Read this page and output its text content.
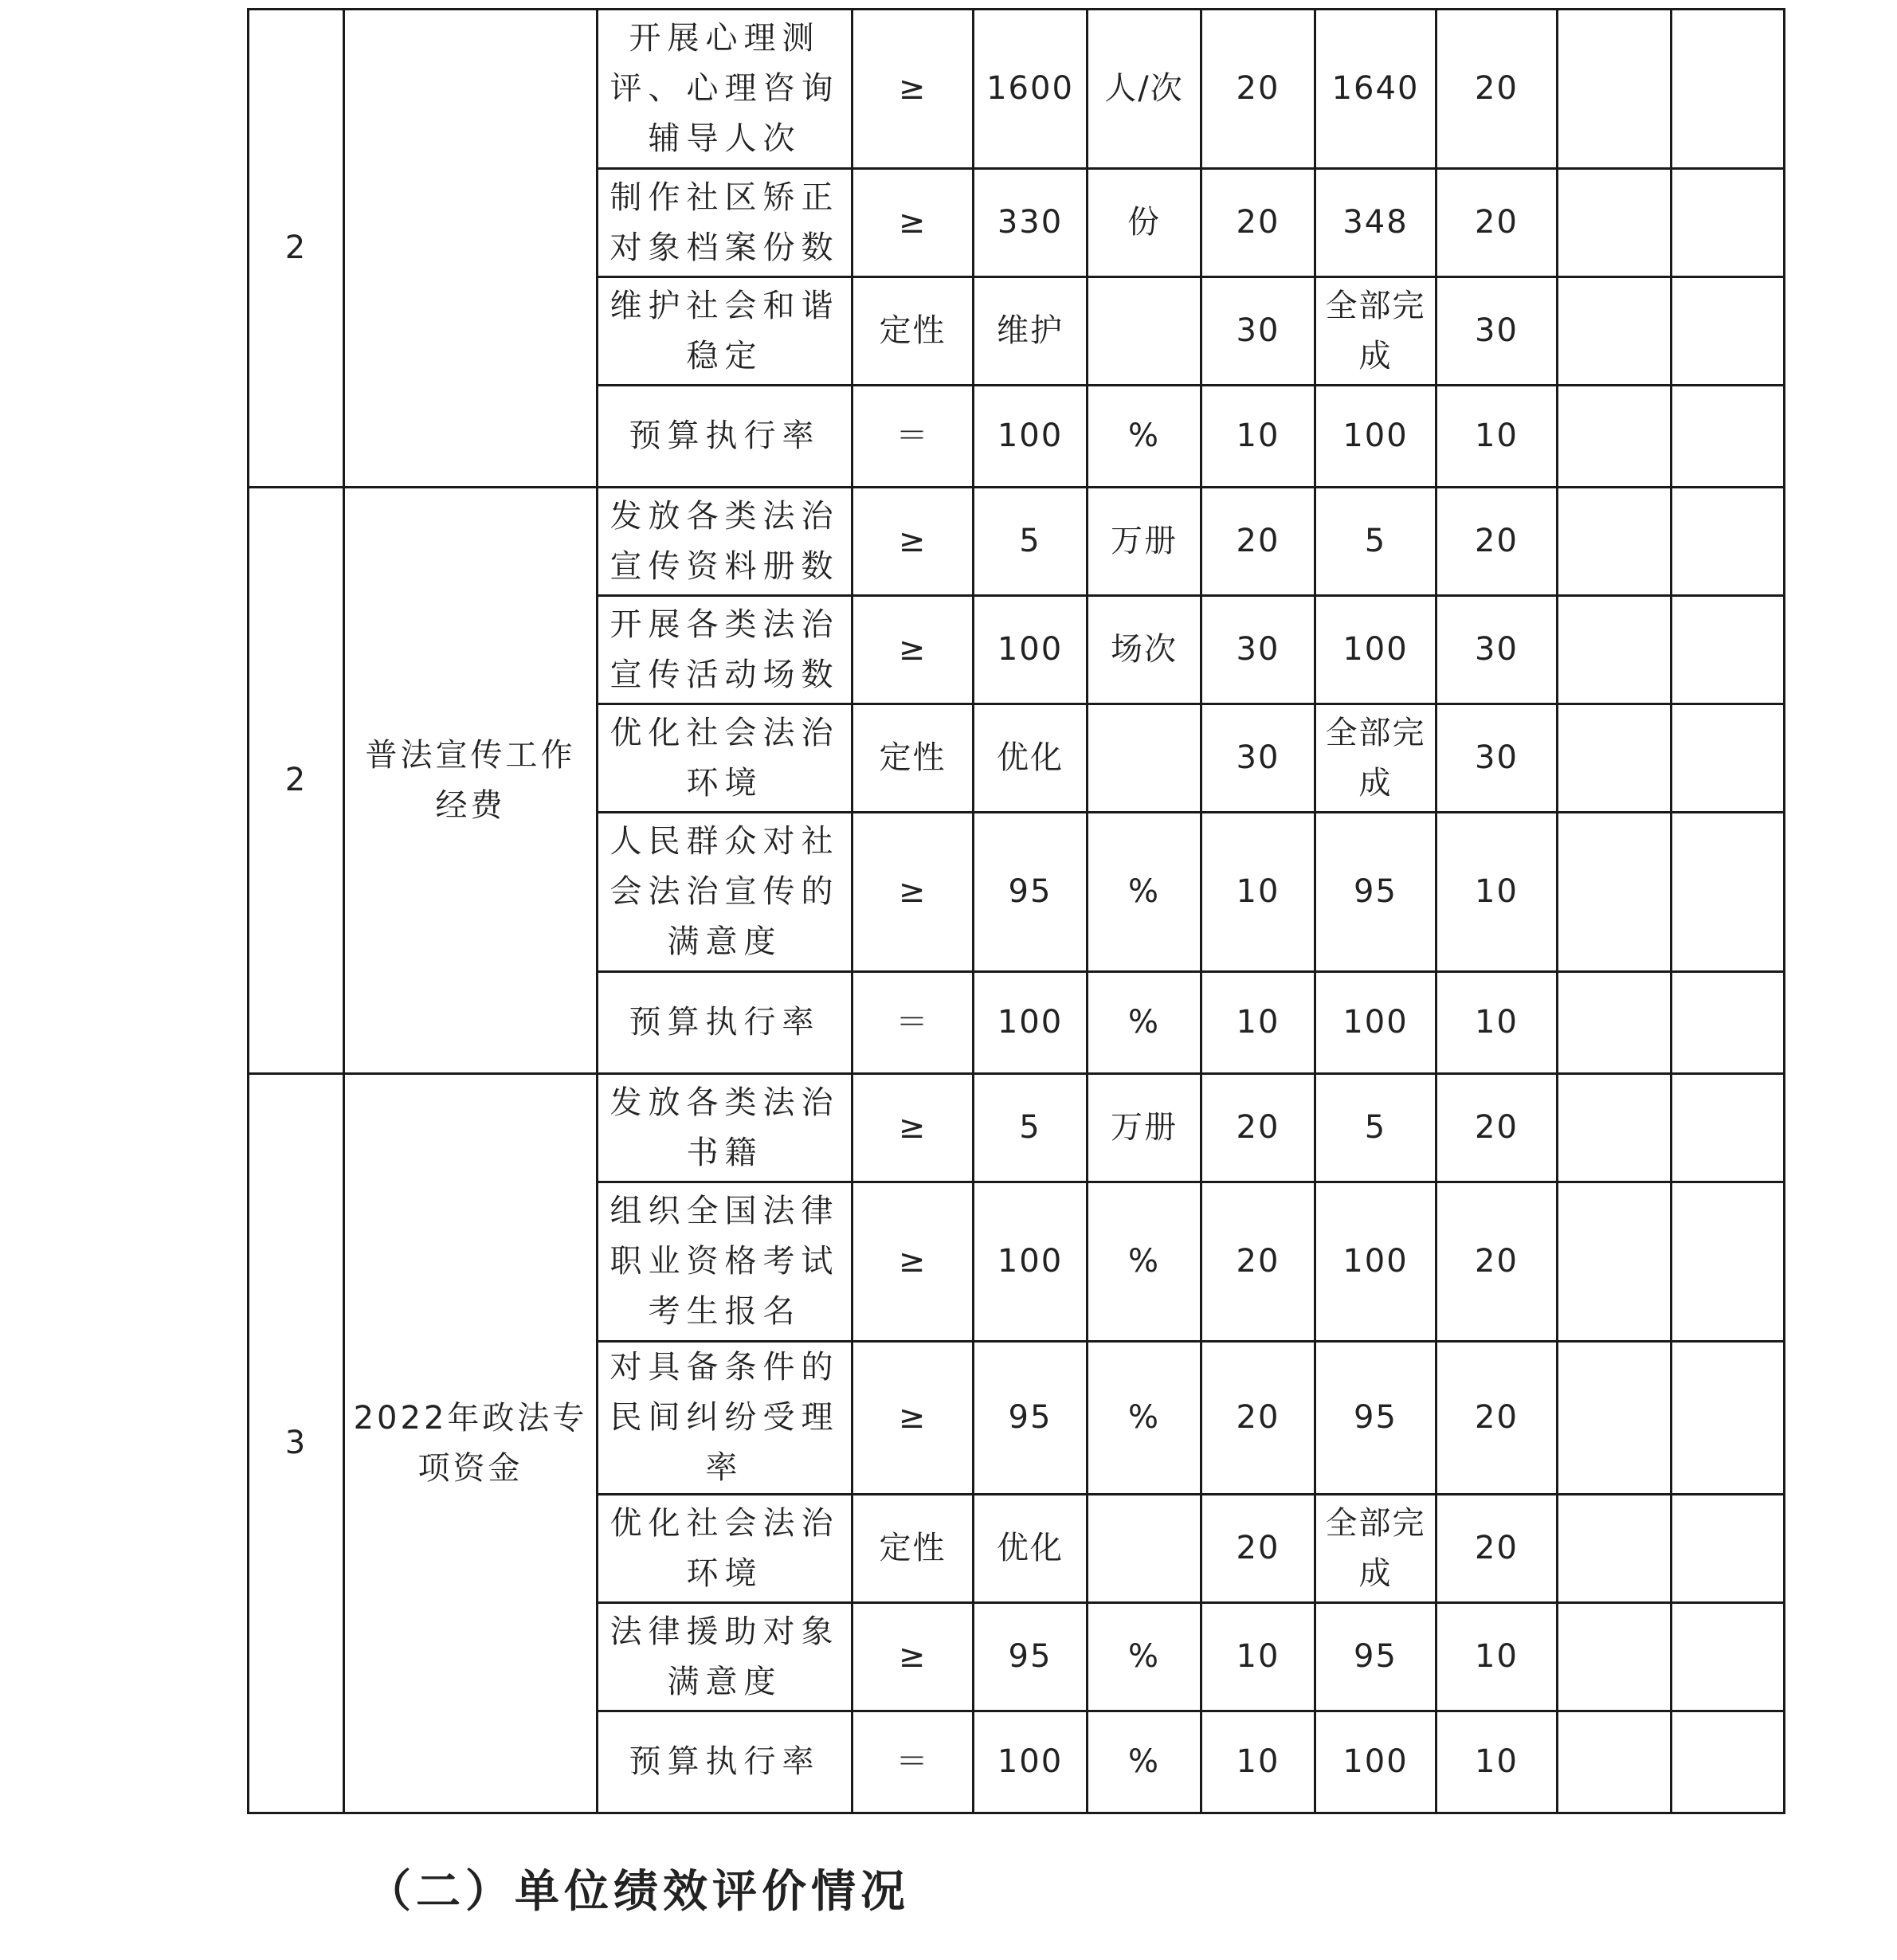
2		开展心理测评、心理咨询辅导人次	≥	1600	人/次	20	1640	20		
		制作社区矫正对象档案份数	≥	330	份	20	348	20		
		维护社会和谐稳定	定性	维护		30	全部完成	30		
		预算执行率	＝	100	%	10	100	10		
2	普法宣传工作经费	发放各类法治宣传资料册数	≥	5	万册	20	5	20		
		开展各类法治宣传活动场数	≥	100	场次	30	100	30		
		优化社会法治环境	定性	优化		30	全部完成	30		
		人民群众对社会法治宣传的满意度	≥	95	%	10	95	10		
		预算执行率	＝	100	%	10	100	10		
3	2022年政法专项资金	发放各类法治书籍	≥	5	万册	20	5	20		
		组织全国法律职业资格考试考生报名	≥	100	%	20	100	20		
		对具备条件的民间纠纷受理率	≥	95	%	20	95	20		
		优化社会法治环境	定性	优化		20	全部完成	20		
		法律援助对象满意度	≥	95	%	10	95	10		
		预算执行率	＝	100	%	10	100	10		
（二）单位绩效评价情况
